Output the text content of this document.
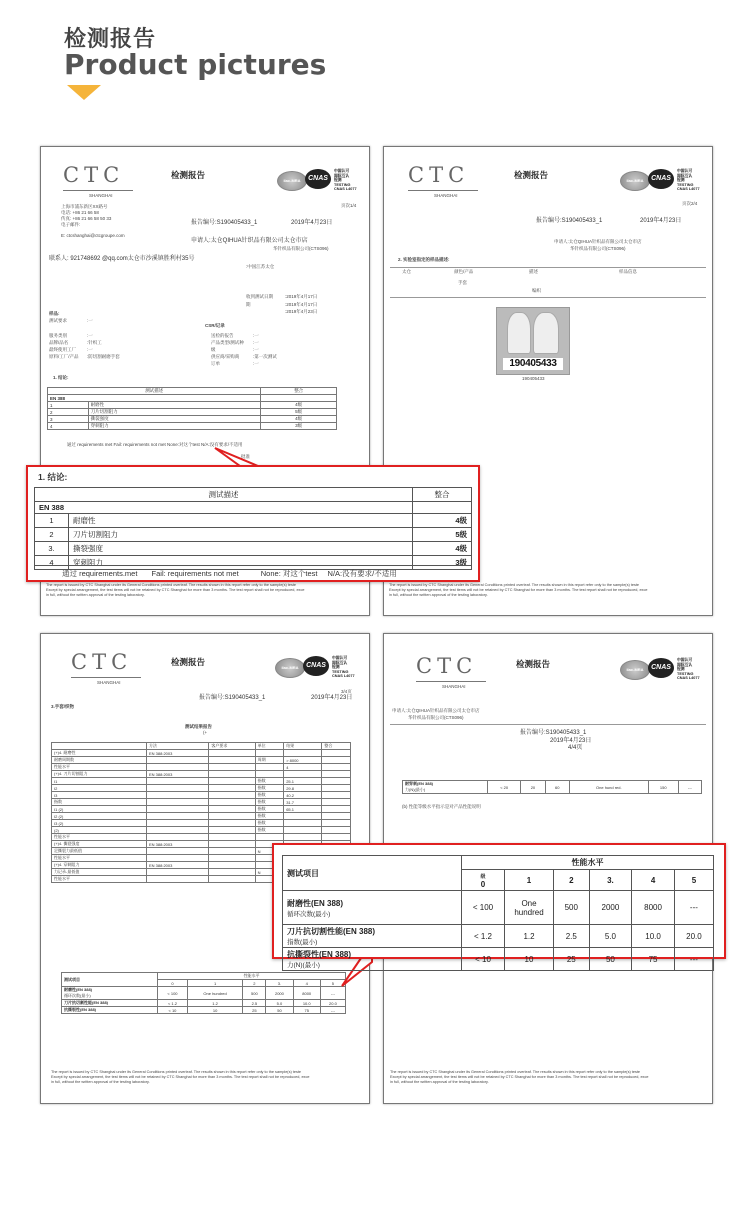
检测报告
Product pictures
CTC
SHANGHAI
上海市浦东新区XX路号
电话: +86 21 66 58
传真: +86 21 66 58 50 33
电子邮件:
E: ctcshanghai@ctcgroupe.com
检测报告
ilac-MRA	CNAS
中国认可
国际互认
检测
TESTING
CNAS L4077
页次1/4
报告编号:S190405433_1	2019年4月23日
申请人:太仓QIHUA针织品有限公司太仓市店
华针织品有限公司(CTS096)
联系人: 921748692 @qq.com太仓市沙溪镇胜利村35号
:中国江苏太仓
收到测试日期	:2019年4月17日
期	:2019年4月17日
:2019年4月23日
样品:
测试要求	:一
CSR/记录
服务类别	:一
品牌/品名	:针织工
最终使用工厂 :一
原料/工厂/产品 :防切割耐磨手套
送检的报告	:一
产品类型/测试种 :一
级	:一
供应商/采购商	:第一次测试
订单	:一
1. 结论:
测试描述		整合
EN 388		
1	耐磨性	4级
2	刀片切割阻力	5级
3	撕裂强度	4级
4	穿刺阻力	3级
通过 requirements met Fail: requirements not met None:对这个test N/A:没有要求/不适用
批准
The report is issued by CTC Shanghai under its General Conditions printed overleaf. The results shown in this report refer only to the sample(s) teste
Except by special arrangement, the test items will not be retained by CTC Shanghai for more than 3 months. The test report shall not be reproduced, exce
in full, without the written approval of the testing laboratory.
CTC
SHANGHAI
检测报告
ilac-MRA	CNAS
中国认可
国际互认
检测
TESTING
CNAS L4077
页次2/4
报告编号:S190405433_1	2019年4月23日
申请人:太仓QIHUA针织品有限公司太仓市店
华针织品有限公司(CTS096)
2. 实验室指定的样品描述:
太仓	颜色/产品	描述	样品信息
手套
编织
190405433
190405433
The report is issued by CTC Shanghai under its General Conditions printed overleaf. The results shown in this report refer only to the sample(s) teste
Except by special arrangement, the test items will not be retained by CTC Shanghai for more than 3 months. The test report shall not be reproduced, exce
in full, without the written approval of the testing laboratory.
CTC
SHANGHAI
检测报告
ilac-MRA	CNAS
中国认可
国际互认
检测
TESTING
CNAS L4077
3/4页
报告编号:S190405433_1	2019年4月23日
3.手套/织物
测试结果报告
(+
	方法	客户要求	单位	结果	整合
(+)4. 耐磨性	EN 388:2003				
耐磨周期数			周期	> 8000	
性能水平				4	
(+)4. 刀片切割阻力	EN 388:2003				
I1			指数	25.1	
I2			指数	29.8	
I3			指数	40.2	
指数			指数	31.7	
I1 (2)			指数	65.1	
I2 (2)			指数		
I3 (2)			指数		
(2)			指数		
性能水平					
(+)4. 撕裂强度	EN 388:2003				
足撕裂力最低值			N		
性能水平					
(+)4. 穿刺阻力	EN 388:2003				
力记录-最低值			N		
性能水平					
测试项目	性能水平					
	0	1	2	3.	4	5
耐磨性(EN 388)
循环次数(最小)	< 100	One hundred	500	2000	8000	---
刀片抗切割性能(EN 388)	< 1.2	1.2	2.5	5.0	10.0	20.0
抗撕裂性(EN 388)	< 10	10	25	50	75	---
The report is issued by CTC Shanghai under its General Conditions printed overleaf. The results shown in this report refer only to the sample(s) teste
Except by special arrangement, the test items will not be retained by CTC Shanghai for more than 3 months. The test report shall not be reproduced, exce
in full, without the written approval of the testing laboratory.
CTC
SHANGHAI
检测报告
ilac-MRA	CNAS
中国认可
国际互认
检测
TESTING
CNAS L4077
申请人:太仓QIHUA针织品有限公司太仓市店
华针织品有限公司(CTS096)
报告编号:S190405433_1
2019年4月23日
4/4页
耐穿刺(EN 388)
力(N)(最小)	< 20	20	60	One hund red.	150	---
(b) 性能等级水平指示是对产品性能说明
The report is issued by CTC Shanghai under its General Conditions printed overleaf. The results shown in this report refer only to the sample(s) teste
Except by special arrangement, the test items will not be retained by CTC Shanghai for more than 3 months. The test report shall not be reproduced, exce
in full, without the written approval of the testing laboratory.
1. 结论:
测试描述		整合
EN 388		
1	耐磨性	4级
2	刀片切割阻力	5级
3.	撕裂强度	4级
4	穿刺阻力	3级
通过 requirements.met Fail: requirements not met	None: 对这个test N/A:没有要求/不适用
测试项目	性能水平					
	级
0	1	2	3.	4	5
耐磨性(EN 388)
循环次数(最小)	< 100	One hundred	500	2000	8000	---
刀片抗切割性能(EN 388)
指数(最小)	< 1.2	1.2	2.5	5.0	10.0	20.0
抗撕裂性(EN 388)
力(N)(最小)	< 10	10	25	50	75	---
